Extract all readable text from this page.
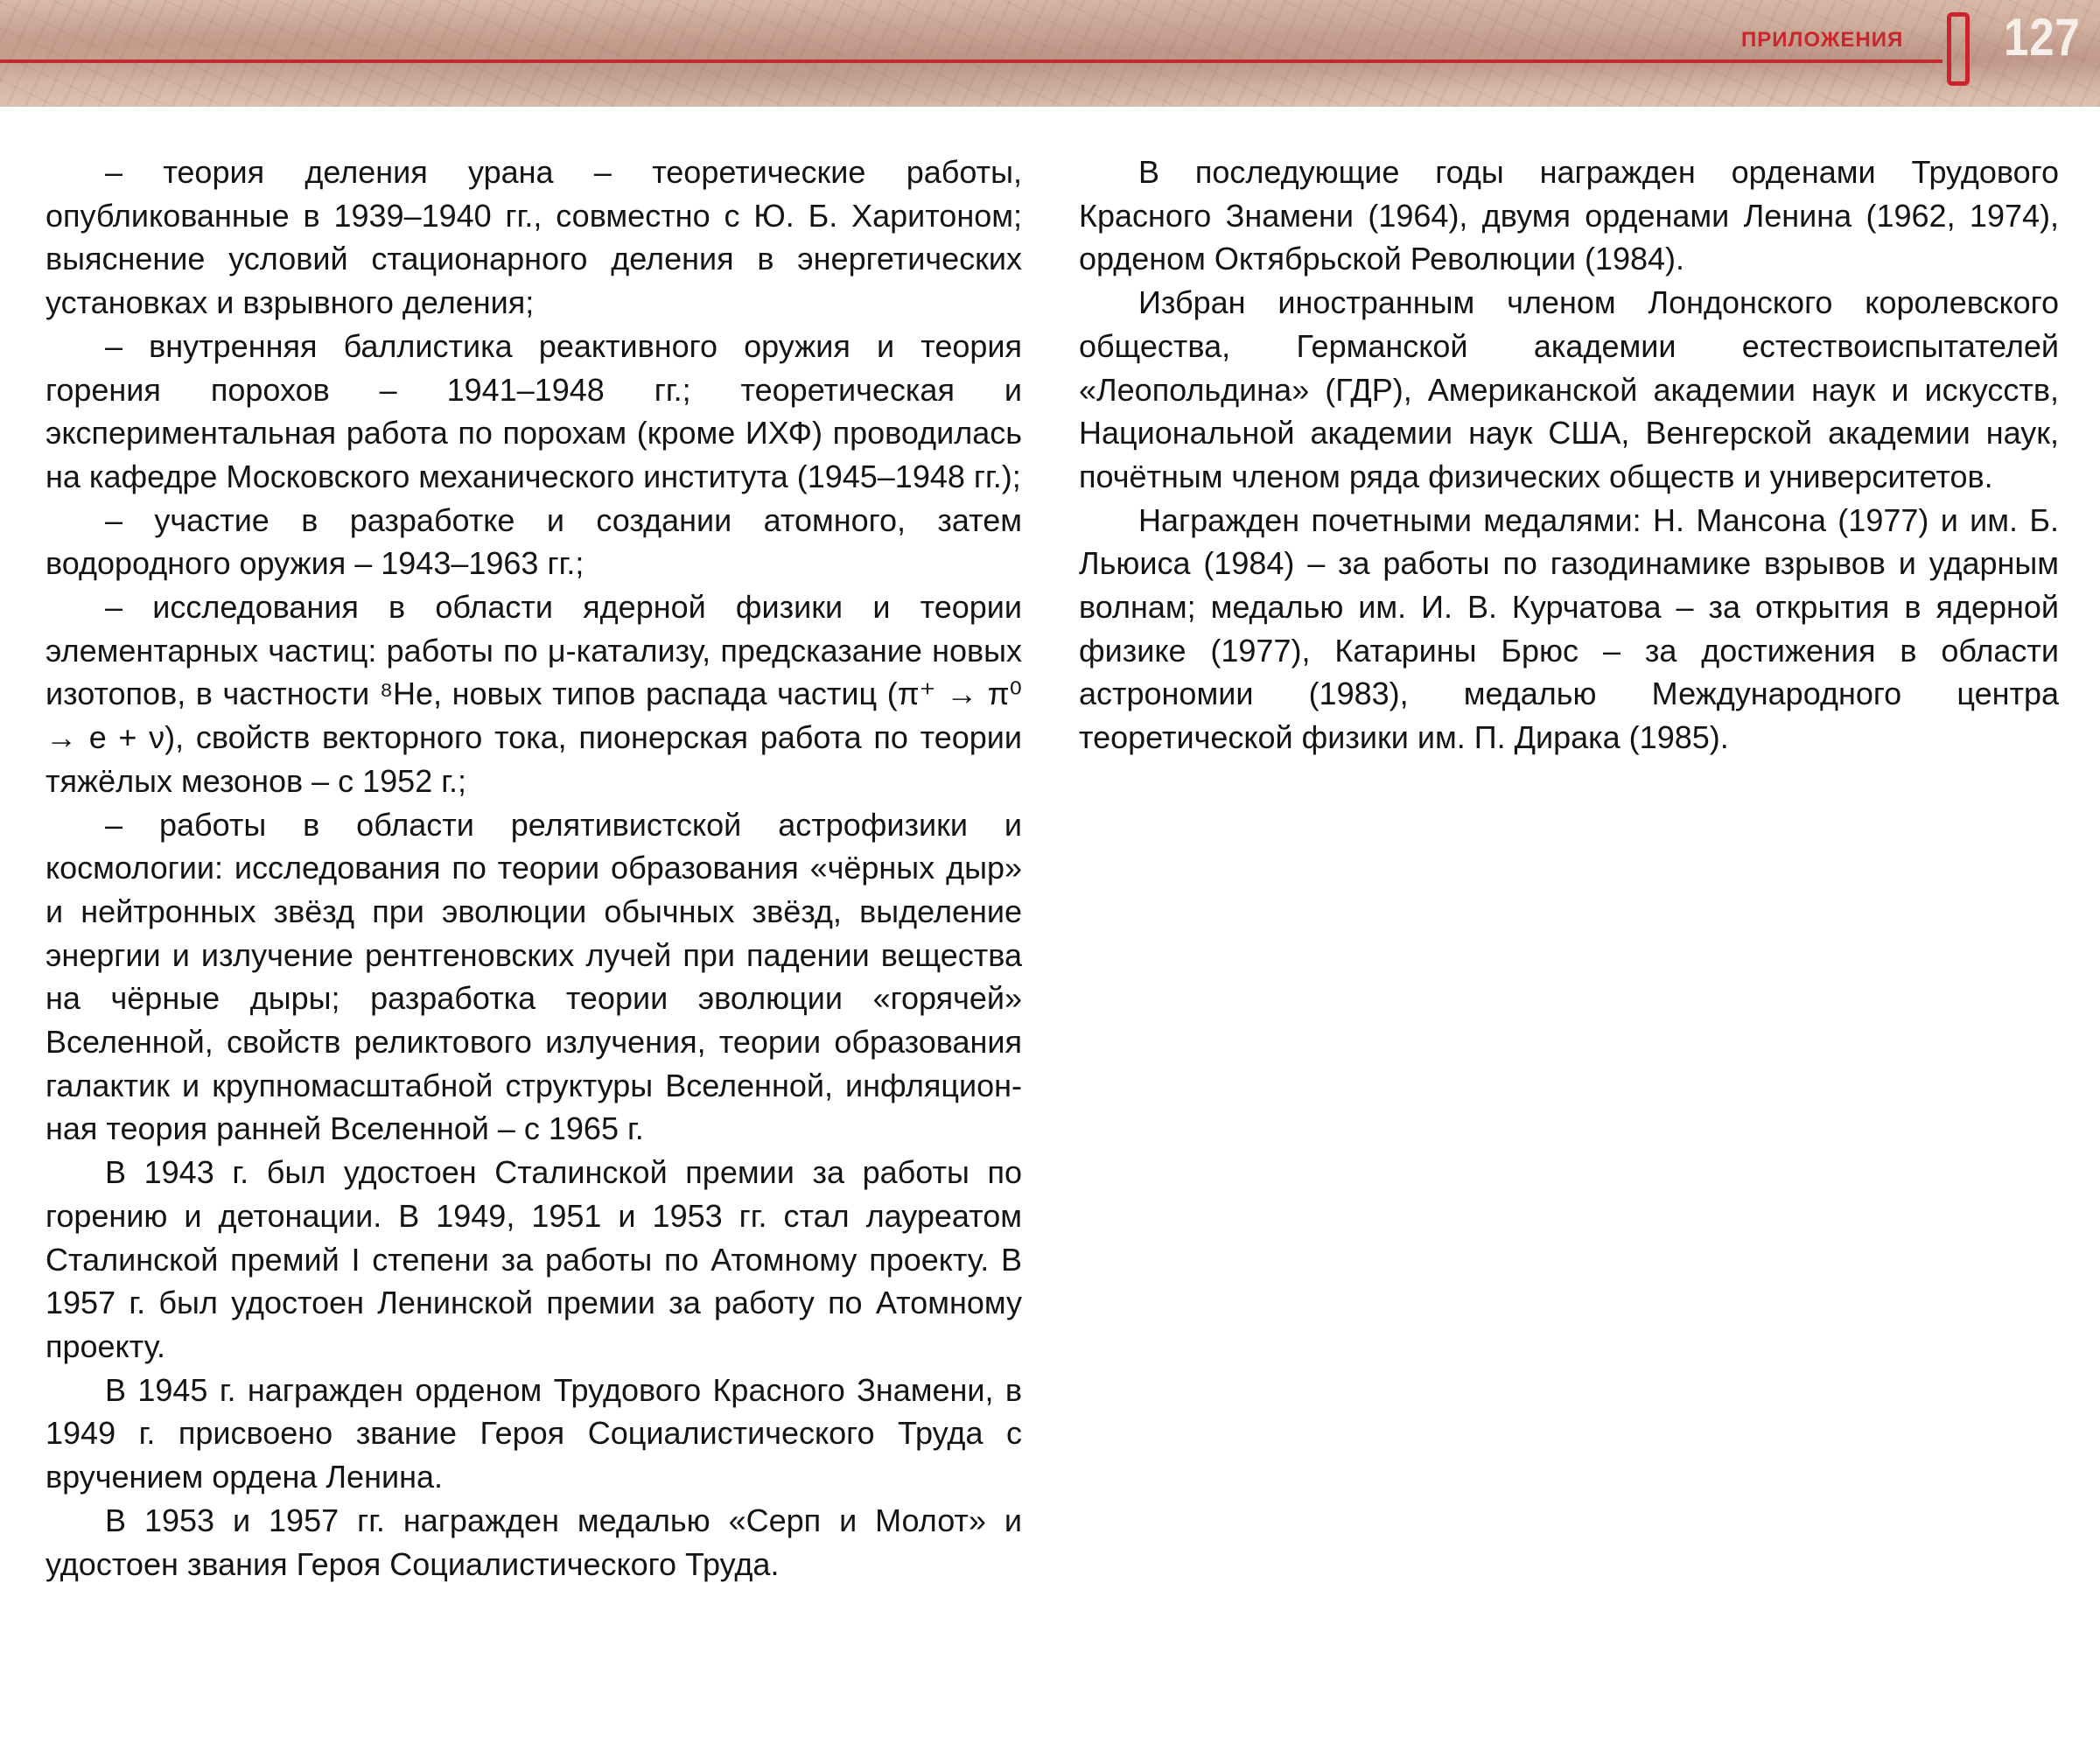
ПРИЛОЖЕНИЯ 127

– теория деления урана – теоретические работы, опубликованные в 1939–1940 гг., совместно с Ю. Б. Харитоном; выяснение условий стационарного деления в энергетических установках и взрывного деления;

– внутренняя баллистика реактивного оружия и теория горения порохов – 1941–1948 гг.; теоретическая и экспериментальная работа по порохам (кроме ИХФ) проводилась на кафедре Московского механического института (1945–1948 гг.);

– участие в разработке и создании атомного, затем водородного оружия – 1943–1963 гг.;

– исследования в области ядерной физики и теории элементарных частиц: работы по μ-катализу, предсказание новых изотопов, в частности ⁸He, новых типов распада частиц (π⁺ → π⁰ → e + ν), свойств векторного тока, пионерская работа по теории тяжёлых мезонов – с 1952 г.;

– работы в области релятивистской астрофизики и космологии: исследования по теории образования «чёрных дыр» и нейтронных звёзд при эволюции обычных звёзд, выделение энергии и излучение рентгеновских лучей при падении вещества на чёрные дыры; разработка теории эволюции «горячей» Вселенной, свойств реликтового излучения, теории образования галактик и крупномасштабной структуры Вселенной, инфляционная теория ранней Вселенной – с 1965 г.

В 1943 г. был удостоен Сталинской премии за работы по горению и детонации. В 1949, 1951 и 1953 гг. стал лауреатом Сталинской премий I степени за работы по Атомному проекту. В 1957 г. был удостоен Ленинской премии за работу по Атомному проекту.

В 1945 г. награжден орденом Трудового Красного Знамени, в 1949 г. присвоено звание Героя Социалистического Труда с вручением ордена Ленина.

В 1953 и 1957 гг. награжден медалью «Серп и Молот» и удостоен звания Героя Социалистического Труда.

В последующие годы награжден орденами Трудового Красного Знамени (1964), двумя орденами Ленина (1962, 1974), орденом Октябрьской Революции (1984).

Избран иностранным членом Лондонского королевского общества, Германской академии естествоиспытателей «Леопольдина» (ГДР), Американской академии наук и искусств, Национальной академии наук США, Венгерской академии наук, почётным членом ряда физических обществ и университетов.

Награжден почетными медалями: Н. Мансона (1977) и им. Б. Льюиса (1984) – за работы по газодинамике взрывов и ударным волнам; медалью им. И. В. Курчатова – за открытия в ядерной физике (1977), Катарины Брюс – за достижения в области астрономии (1983), медалью Международного центра теоретической физики им. П. Дирака (1985).
